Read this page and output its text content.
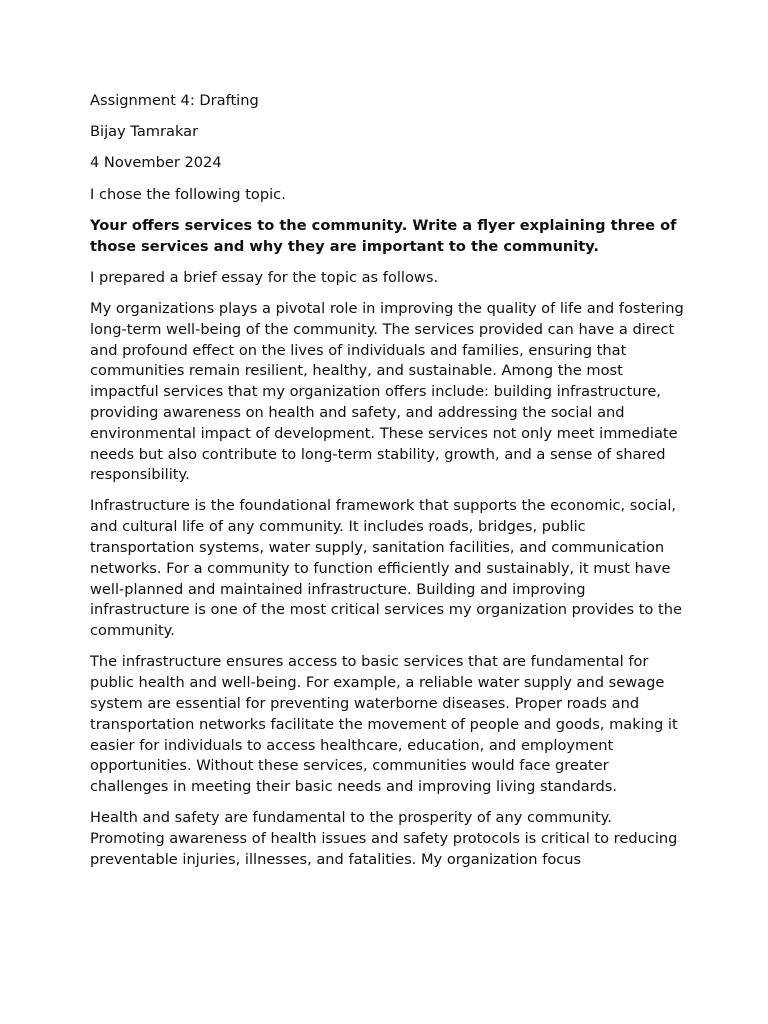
Assignment 4: Drafting

Bijay Tamrakar

4 November 2024

I chose the following topic.

Your offers services to the community. Write a flyer explaining three of those services and why they are important to the community.

I prepared a brief essay for the topic as follows.

My organizations plays a pivotal role in improving the quality of life and fostering long-term well-being of the community. The services provided can have a direct and profound effect on the lives of individuals and families, ensuring that communities remain resilient, healthy, and sustainable. Among the most impactful services that my organization offers include: building infrastructure, providing awareness on health and safety, and addressing the social and environmental impact of development. These services not only meet immediate needs but also contribute to long-term stability, growth, and a sense of shared responsibility.

Infrastructure is the foundational framework that supports the economic, social, and cultural life of any community. It includes roads, bridges, public transportation systems, water supply, sanitation facilities, and communication networks. For a community to function efficiently and sustainably, it must have well-planned and maintained infrastructure. Building and improving infrastructure is one of the most critical services my organization provides to the community.

The infrastructure ensures access to basic services that are fundamental for public health and well-being. For example, a reliable water supply and sewage system are essential for preventing waterborne diseases. Proper roads and transportation networks facilitate the movement of people and goods, making it easier for individuals to access healthcare, education, and employment opportunities. Without these services, communities would face greater challenges in meeting their basic needs and improving living standards.

Health and safety are fundamental to the prosperity of any community. Promoting awareness of health issues and safety protocols is critical to reducing preventable injuries, illnesses, and fatalities. My organization focus
